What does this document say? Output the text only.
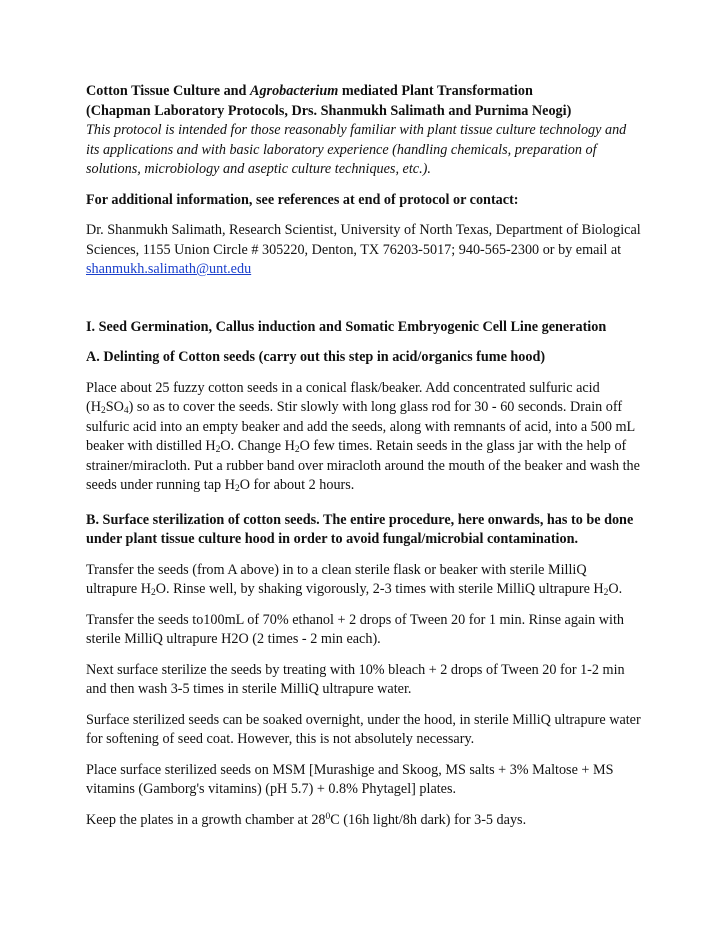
Cotton Tissue Culture and Agrobacterium mediated Plant Transformation

(Chapman Laboratory Protocols, Drs. Shanmukh Salimath and Purnima Neogi)

This protocol is intended for those reasonably familiar with plant tissue culture technology and its applications and with basic laboratory experience (handling chemicals, preparation of solutions, microbiology and aseptic culture techniques, etc.).

For additional information, see references at end of protocol or contact:

Dr. Shanmukh Salimath, Research Scientist, University of North Texas, Department of Biological Sciences, 1155 Union Circle # 305220, Denton, TX 76203-5017; 940-565-2300 or by email at shanmukh.salimath@unt.edu

I. Seed Germination, Callus induction and Somatic Embryogenic Cell Line generation

A. Delinting of Cotton seeds (carry out this step in acid/organics fume hood)

Place about 25 fuzzy cotton seeds in a conical flask/beaker. Add concentrated sulfuric acid $(H_2SO_4)$ so as to cover the seeds. Stir slowly with long glass rod for 30 - 60 seconds. Drain off sulfuric acid into an empty beaker and add the seeds, along with remnants of acid, into a 500 mL beaker with distilled $H_2O$. Change $H_2O$ few times. Retain seeds in the glass jar with the help of strainer/miracloth. Put a rubber band over miracloth around the mouth of the beaker and wash the seeds under running tap $H_2O$ for about 2 hours.

B. Surface sterilization of cotton seeds. The entire procedure, here onwards, has to be done under plant tissue culture hood in order to avoid fungal/microbial contamination.

Transfer the seeds (from A above) in to a clean sterile flask or beaker with sterile MilliQ ultrapure $H_2O$. Rinse well, by shaking vigorously, 2-3 times with sterile MilliQ ultrapure $H_2O$.

Transfer the seeds to100mL of 70% ethanol + 2 drops of Tween 20 for 1 min. Rinse again with sterile MilliQ ultrapure H2O (2 times - 2 min each).

Next surface sterilize the seeds by treating with 10% bleach + 2 drops of Tween 20 for 1-2 min and then wash 3-5 times in sterile MilliQ ultrapure water.

Surface sterilized seeds can be soaked overnight, under the hood, in sterile MilliQ ultrapure water for softening of seed coat. However, this is not absolutely necessary.

Place surface sterilized seeds on MSM [Murashige and Skoog, MS salts + 3% Maltose + MS vitamins (Gamborg's vitamins) (pH 5.7) + 0.8% Phytagel] plates.

Keep the plates in a growth chamber at $28^0C$ (16h light/8h dark) for 3-5 days.
